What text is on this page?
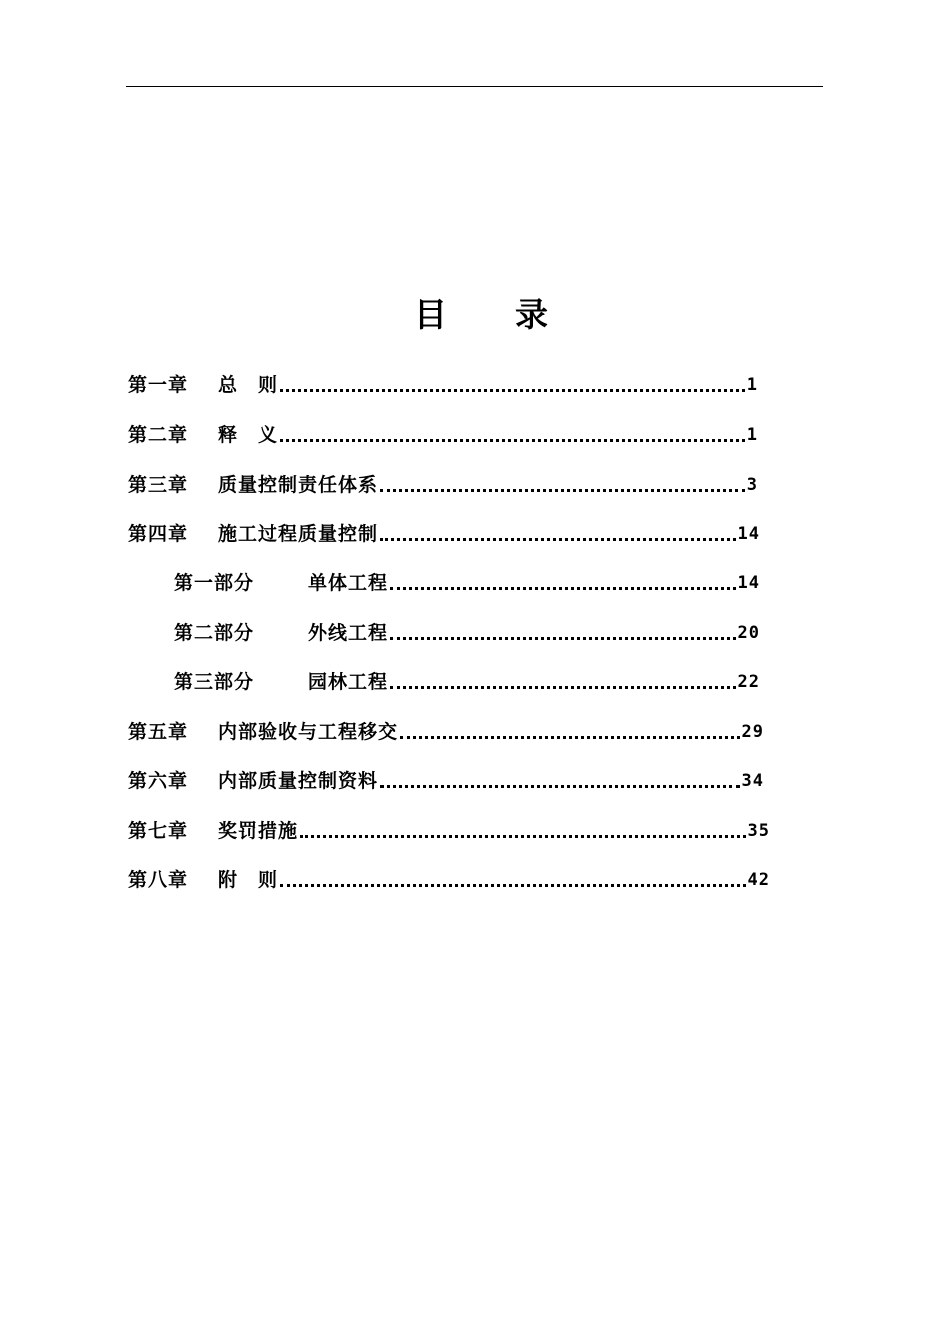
目 录
第一章	总　则	1
第二章	释　义	1
第三章	质量控制责任体系	3
第四章	施工过程质量控制	14
第一部分	单体工程	14
第二部分	外线工程	20
第三部分	园林工程	22
第五章	内部验收与工程移交	29
第六章	内部质量控制资料	34
第七章	奖罚措施	35
第八章	附　则	42
